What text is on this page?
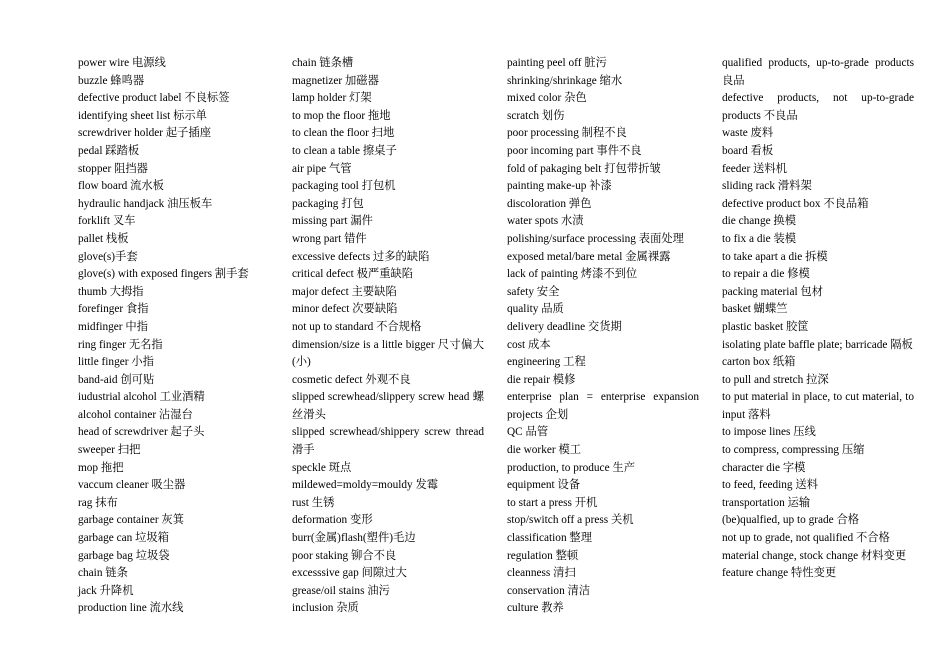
power wire 电源线
buzzle 蜂鸣器
defective product label 不良标签
identifying sheet list 标示单
screwdriver holder 起子插座
pedal 踩踏板
stopper 阻挡器
flow board 流水板
hydraulic handjack 油压板车
forklift 叉车
pallet 栈板
glove(s)手套
glove(s) with exposed fingers 割手套
thumb 大拇指
forefinger 食指
midfinger 中指
ring finger 无名指
little finger 小指
band-aid 创可贴
iudustrial alcohol 工业酒精
alcohol container 沾湿台
head of screwdriver 起子头
sweeper 扫把
mop 拖把
vaccum cleaner 吸尘器
rag 抹布
garbage container 灰箕
garbage can 垃圾箱
garbage bag 垃圾袋
chain 链条
jack 升降机
production line 流水线
chain 链条槽
magnetizer 加磁器
lamp holder 灯架
to mop the floor 拖地
to clean the floor 扫地
to clean a table 擦桌子
air pipe 气管
packaging tool 打包机
packaging 打包
missing part 漏件
wrong part 错件
excessive defects 过多的缺陷
critical defect 极严重缺陷
major defect 主要缺陷
minor defect 次要缺陷
not up to standard 不合规格
dimension/size is a little bigger 尺寸偏大(小)
cosmetic defect 外观不良
slipped screwhead/slippery screw head 螺丝滑头
slipped screwhead/shippery screw thread 滑手
speckle 斑点
mildewed=moldy=mouldy 发霉
rust 生锈
deformation 变形
burr(金属)flash(塑件)毛边
poor staking 铆合不良
excesssive gap 间隙过大
grease/oil stains 油污
inclusion 杂质
painting peel off 脏污
shrinking/shrinkage 缩水
mixed color 杂色
scratch 划伤
poor processing 制程不良
poor incoming part 事件不良
fold of pakaging belt 打包带折皱
painting make-up 补漆
discoloration 弹色
water spots 水渍
polishing/surface processing 表面处理
exposed metal/bare metal 金属裸露
lack of painting 烤漆不到位
safety 安全
quality 品质
delivery deadline 交货期
cost 成本
engineering 工程
die repair 模修
enterprise plan = enterprise expansion projects 企划
QC 品管
die worker 模工
production, to produce 生产
equipment 设备
to start a press 开机
stop/switch off a press 关机
classification 整理
regulation 整顿
cleanness 清扫
conservation 清洁
culture 教养
qualified products, up-to-grade products 良品
defective products, not up-to-grade products 不良品
waste 废料
board 看板
feeder 送料机
sliding rack 滑料架
defective product box 不良品箱
die change 换模
to fix a die 装模
to take apart a die 拆模
to repair a die 修模
packing material 包材
basket 蝴蝶竺
plastic basket 胶筐
isolating plate baffle plate; barricade 隔板
carton box 纸箱
to pull and stretch 拉深
to put material in place, to cut material, to input 落料
to impose lines 压线
to compress, compressing 压缩
character die 字模
to feed, feeding 送料
transportation 运输
(be)qualfied, up to grade 合格
not up to grade, not qualified 不合格
material change, stock change 材料变更
feature change 特性变更
